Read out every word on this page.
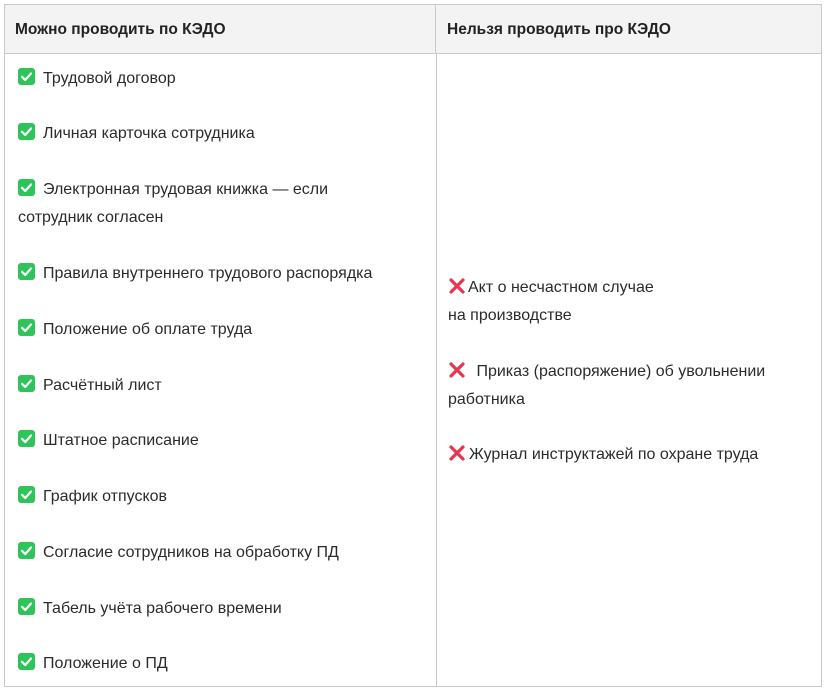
Можно проводить по КЭДО	Нельзя проводить про КЭДО
Трудовой договор
Личная карточка сотрудника
Электронная трудовая книжка — если
сотрудник согласен
Правила внутреннего трудового распорядка
Положение об оплате труда
Расчётный лист
Штатное расписание
График отпусков
Согласие сотрудников на обработку ПД
Табель учёта рабочего времени
Положение о ПД
Акт о несчастном случае
на производстве
Приказ (распоряжение) об увольнении
работника
Журнал инструктажей по охране труда
